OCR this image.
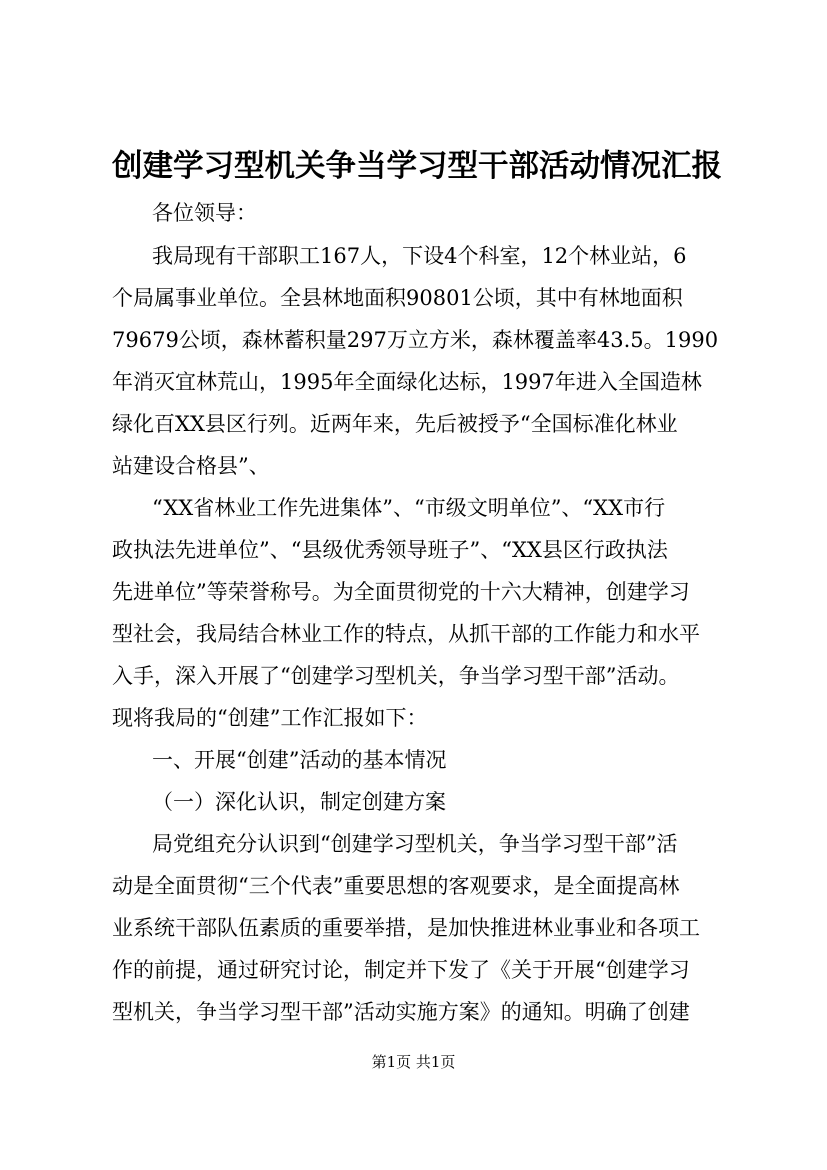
创建学习型机关争当学习型干部活动情况汇报
各位领导：
我局现有干部职工167人，下设4个科室，12个林业站，6
个局属事业单位。全县林地面积90801公顷，其中有林地面积
79679公顷，森林蓄积量297万立方米，森林覆盖率43.5。1990
年消灭宜林荒山，1995年全面绿化达标，1997年进入全国造林
绿化百XX县区行列。近两年来，先后被授予“全国标准化林业
站建设合格县”、
“XX省林业工作先进集体”、“市级文明单位”、“XX市行
政执法先进单位”、“县级优秀领导班子”、“XX县区行政执法
先进单位”等荣誉称号。为全面贯彻党的十六大精神，创建学习
型社会，我局结合林业工作的特点，从抓干部的工作能力和水平
入手，深入开展了“创建学习型机关，争当学习型干部”活动。
现将我局的“创建”工作汇报如下：
一、开展“创建”活动的基本情况
（一）深化认识，制定创建方案
局党组充分认识到“创建学习型机关，争当学习型干部”活
动是全面贯彻“三个代表”重要思想的客观要求，是全面提高林
业系统干部队伍素质的重要举措，是加快推进林业事业和各项工
作的前提，通过研究讨论，制定并下发了《关于开展“创建学习
型机关，争当学习型干部”活动实施方案》的通知。明确了创建
第1页 共1页
